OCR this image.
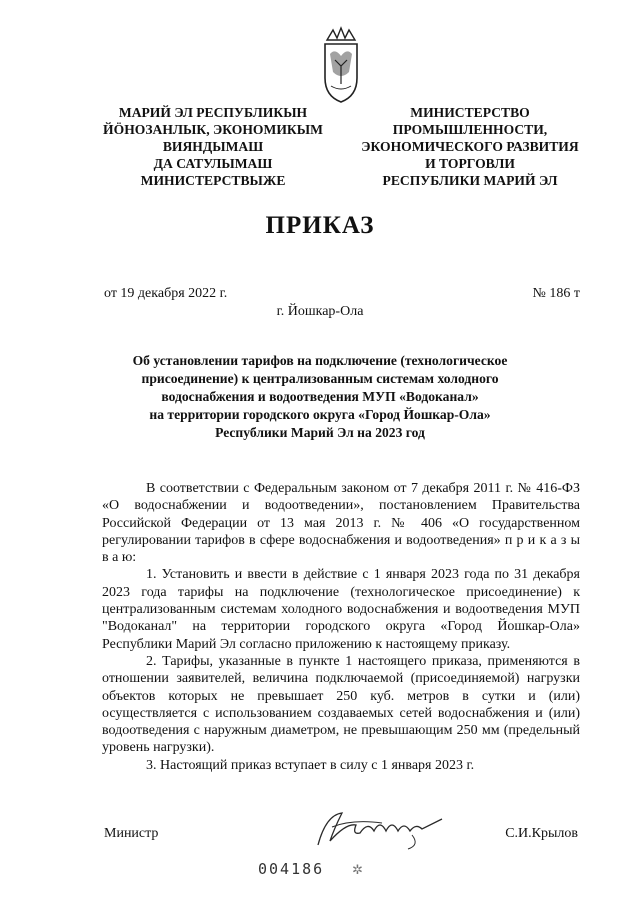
МАРИЙ ЭЛ РЕСПУБЛИКЫН
ЙÖНОЗАНЛЫК, ЭКОНОМИКЫМ
ВИЯНДЫМАШ
ДА САТУЛЫМАШ
МИНИСТЕРСТВЫЖЕ
МИНИСТЕРСТВО
ПРОМЫШЛЕННОСТИ,
ЭКОНОМИЧЕСКОГО РАЗВИТИЯ
И ТОРГОВЛИ
РЕСПУБЛИКИ МАРИЙ ЭЛ
ПРИКАЗ
от 19 декабря 2022 г.	№ 186 т
г. Йошкар-Ола
Об установлении тарифов на подключение (технологическое
присоединение) к централизованным системам холодного
водоснабжения и водоотведения МУП «Водоканал»
на территории городского округа «Город Йошкар-Ола»
Республики Марий Эл на 2023 год

В соответствии с Федеральным законом от 7 декабря 2011 г. № 416-ФЗ «О водоснабжении и водоотведении», постановлением Правительства Российской Федерации от 13 мая 2013 г. № 406 «О государственном регулировании тарифов в сфере водоснабжения и водоотведения» п р и к а з ы в а ю:

1. Установить и ввести в действие с 1 января 2023 года по 31 декабря 2023 года тарифы на подключение (технологическое присоединение) к централизованным системам холодного водоснабжения и водоотведения МУП "Водоканал" на территории городского округа «Город Йошкар-Ола» Республики Марий Эл согласно приложению к настоящему приказу.

2. Тарифы, указанные в пункте 1 настоящего приказа, применяются в отношении заявителей, величина подключаемой (присоединяемой) нагрузки объектов которых не превышает 250 куб. метров в сутки и (или) осуществляется с использованием создаваемых сетей водоснабжения и (или) водоотведения с наружным диаметром, не превышающим 250 мм (предельный уровень нагрузки).

3. Настоящий приказ вступает в силу с 1 января 2023 г.

Министр	С.И.Крылов
004186 ✲
